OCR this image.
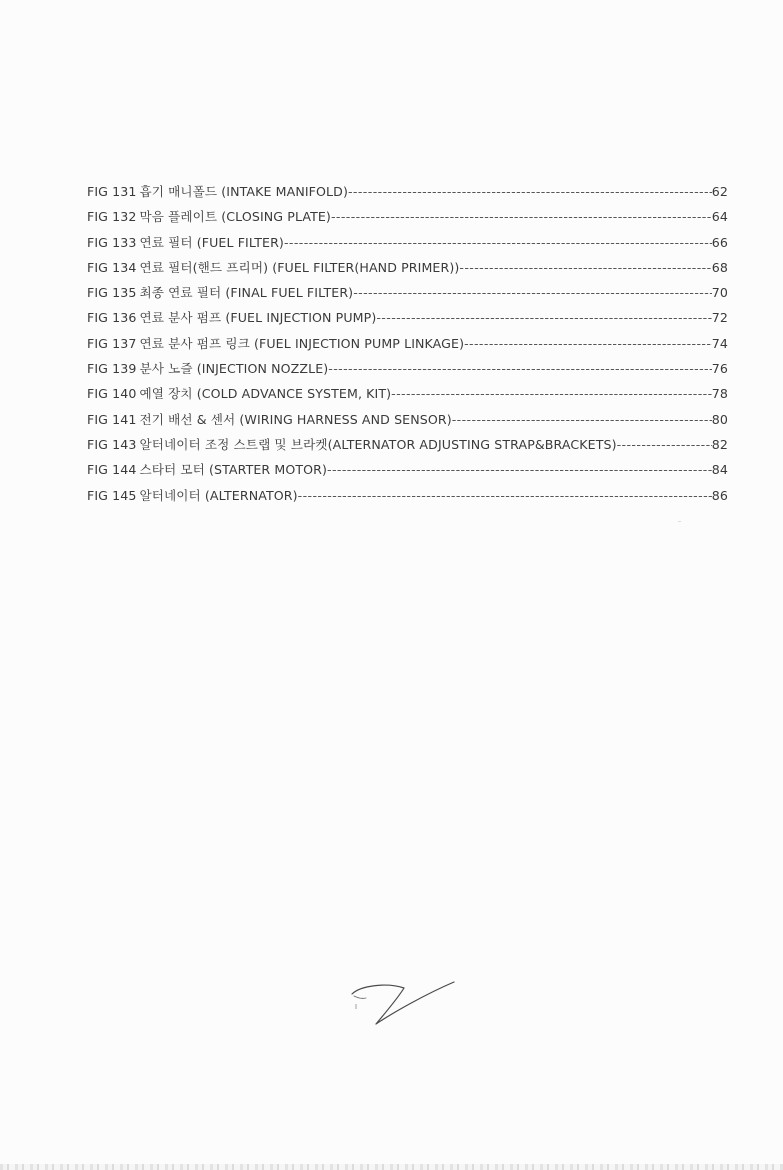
FIG 131 흡기 매니폴드 (INTAKE MANIFOLD) -----	62
FIG 132 막음 플레이트 (CLOSING PLATE) -----	64
FIG 133 연료 필터 (FUEL FILTER) -----	66
FIG 134 연료 필터(핸드 프리머) (FUEL FILTER(HAND PRIMER)) -----	68
FIG 135 최종 연료 필터 (FINAL FUEL FILTER) -----	70
FIG 136 연료 분사 펌프 (FUEL INJECTION PUMP) -----	72
FIG 137 연료 분사 펌프 링크 (FUEL INJECTION PUMP LINKAGE) -----	74
FIG 139 분사 노즐 (INJECTION NOZZLE) -----	76
FIG 140 예열 장치 (COLD ADVANCE SYSTEM, KIT) -----	78
FIG 141 전기 배선 & 센서 (WIRING HARNESS AND SENSOR) -----	80
FIG 143 알터네이터 조정 스트랩 및 브라켓(ALTERNATOR ADJUSTING STRAP&BRACKETS) -----	82
FIG 144 스타터 모터 (STARTER MOTOR) -----	84
FIG 145 알터네이터 (ALTERNATOR) -----	86
